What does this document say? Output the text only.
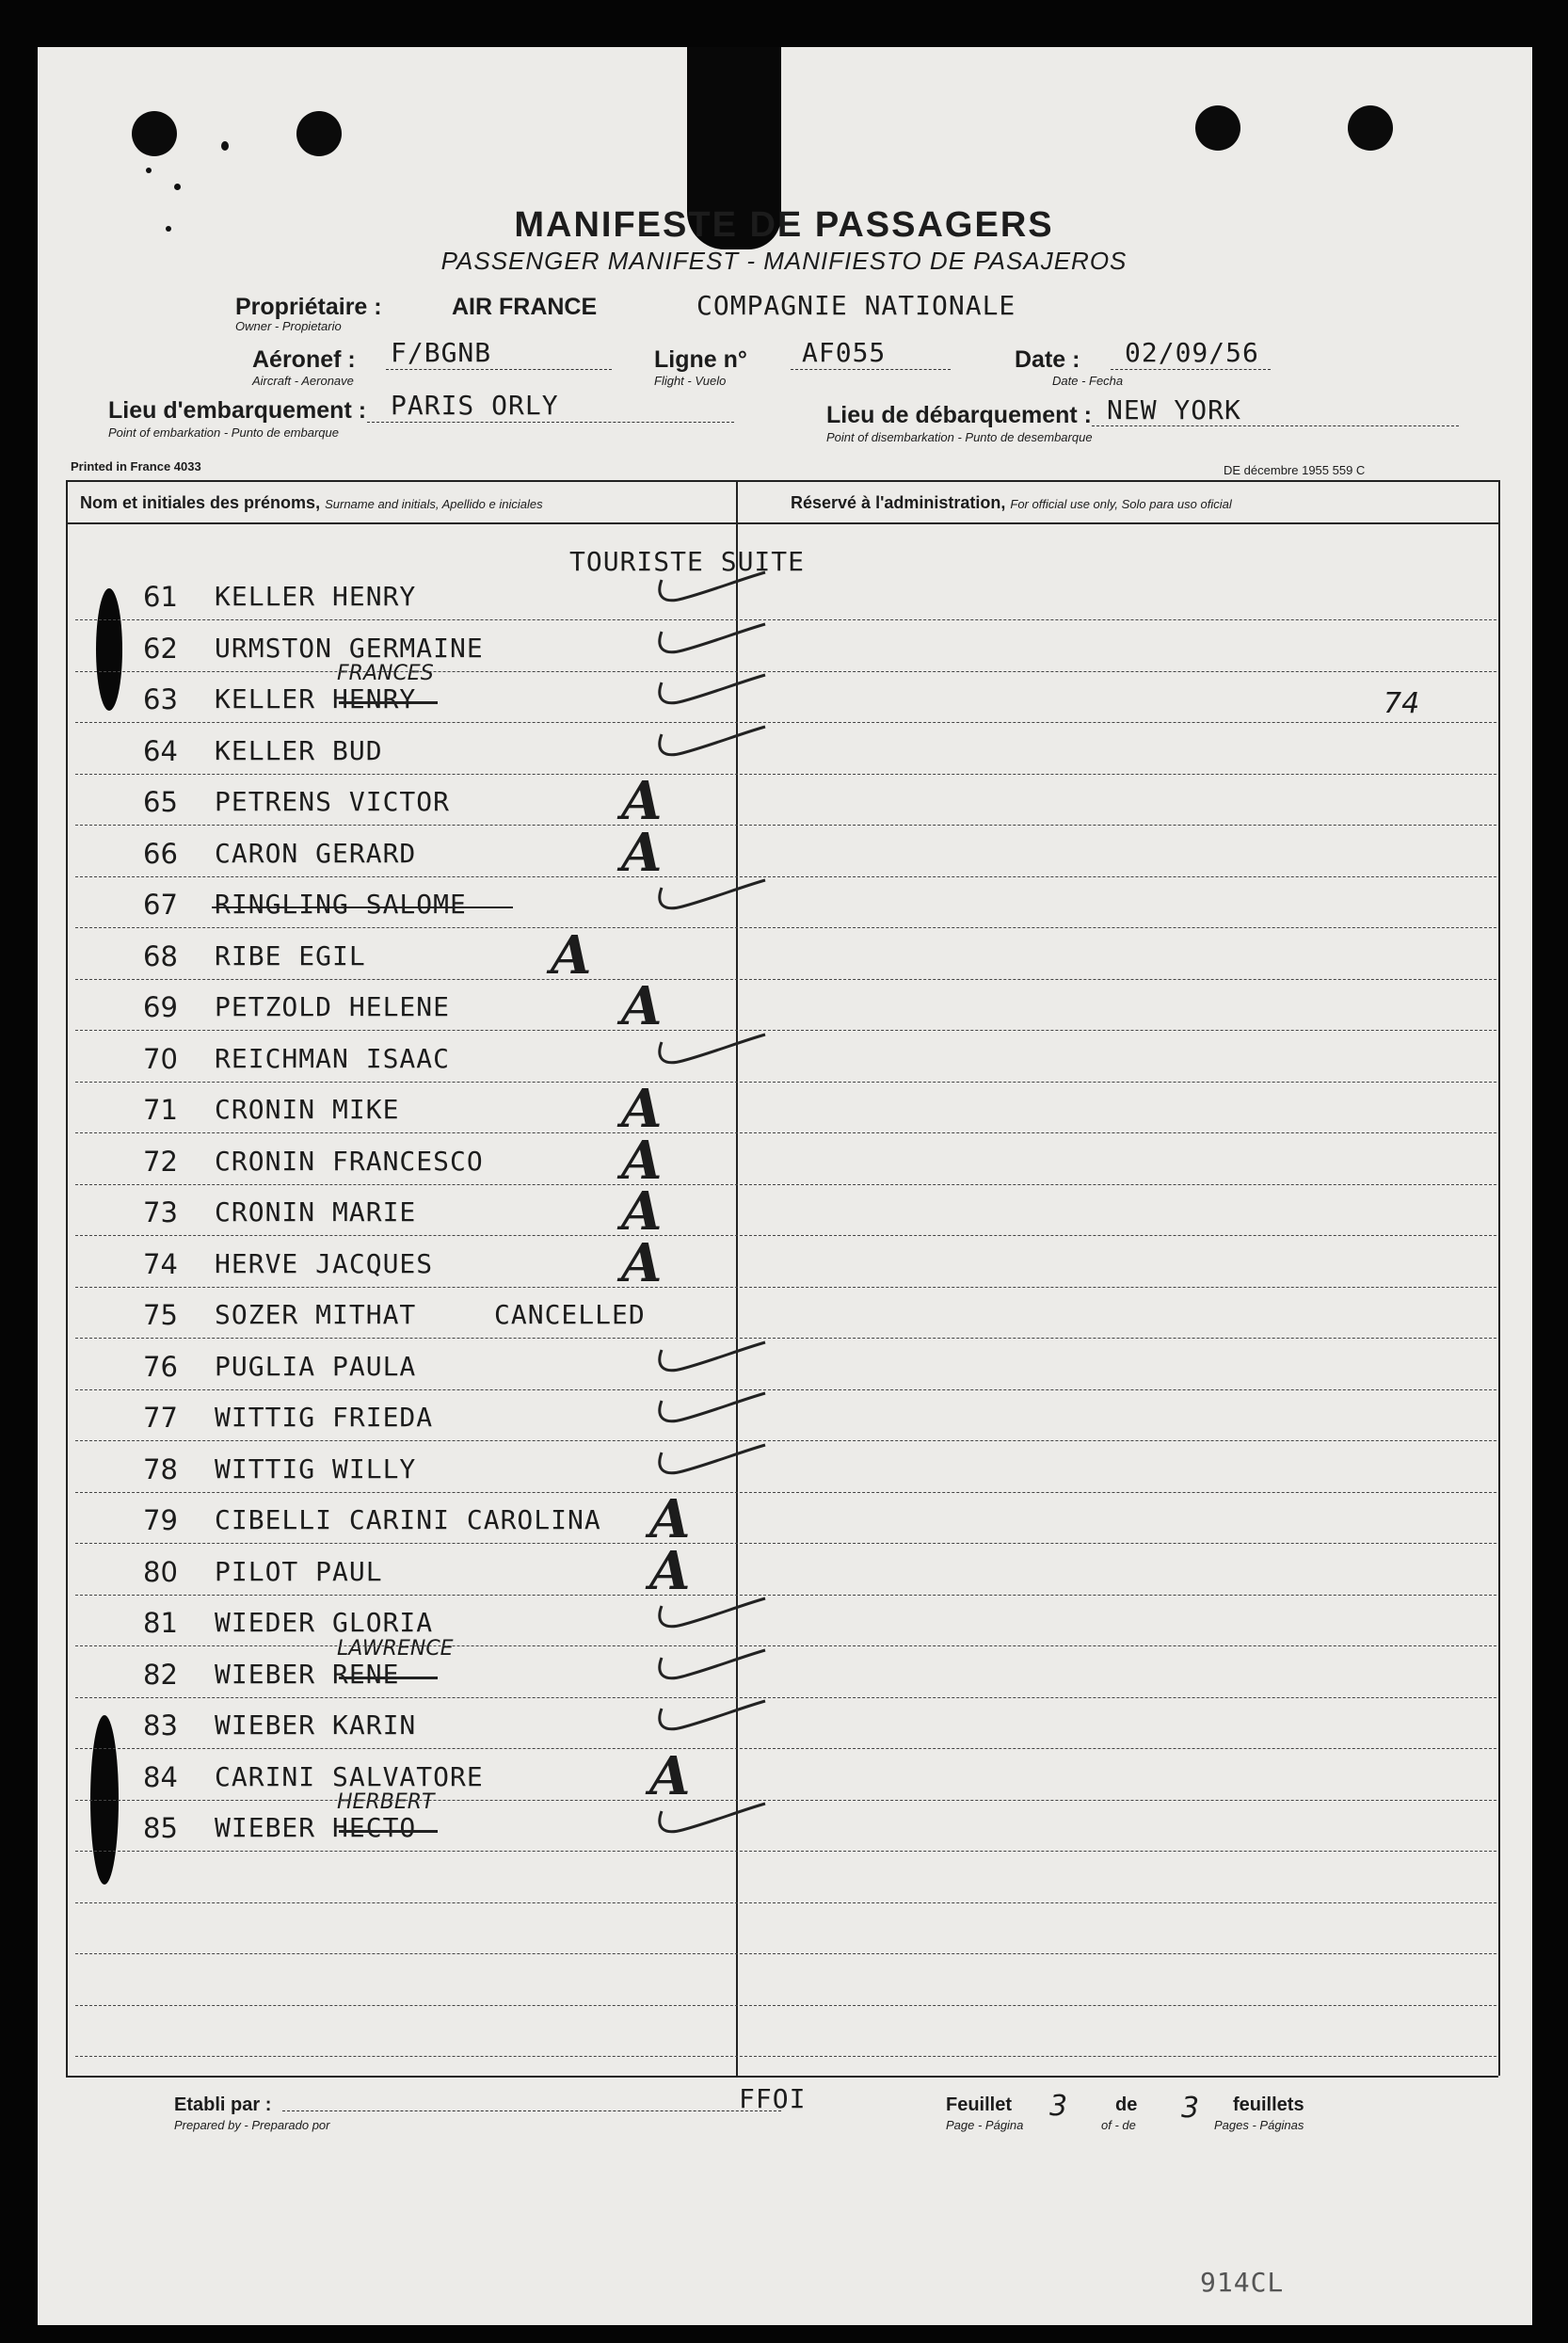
MANIFESTE DE PASSAGERS
PASSENGER MANIFEST - MANIFIESTO DE PASAJEROS
Propriétaire :
Owner - Propietario
AIR FRANCE	COMPAGNIE NATIONALE
Aéronef :
Aircraft - Aeronave
F/BGNB	Ligne n°
Flight - Vuelo
AF055	Date :
Date - Fecha
02/09/56
Lieu d'embarquement :
Point of embarkation - Punto de embarque
PARIS ORLY	Lieu de débarquement :
Point of disembarkation - Punto de desembarque
NEW YORK
Printed in France 4033	DE décembre 1955 559 C
Nom et initiales des prénoms, Surname and initials, Apellido e iniciales	Réservé à l'administration, For official use only, Solo para uso oficial
TOURISTE SUITE
74
61 KELLER HENRY
62 URMSTON GERMAINE
63 KELLER HENRY
FRANCES
64 KELLER BUD
65 PETRENS VICTOR	A
66 CARON GERARD	A
67 RINGLING SALOME
68 RIBE EGIL	A
69 PETZOLD HELENE	A
70 REICHMAN ISAAC
71 CRONIN MIKE	A
72 CRONIN FRANCESCO	A
73 CRONIN MARIE	A
74 HERVE JACQUES	A
75 SOZER MITHAT	CANCELLED
76 PUGLIA PAULA
77 WITTIG FRIEDA
78 WITTIG WILLY
79 CIBELLI CARINI CAROLINA A
80 PILOT PAUL	A
81 WIEDER GLORIA
82 WIEBER RENE
LAWRENCE
83 WIEBER KARIN
84 CARINI SALVATORE	A
85 WIEBER HECTO
HERBERT
Etabli par :
Prepared by - Preparado por
FFOI	Feuillet
Page - Página
3	de
of - de
3 feuillets
Pages - Páginas
914CL
